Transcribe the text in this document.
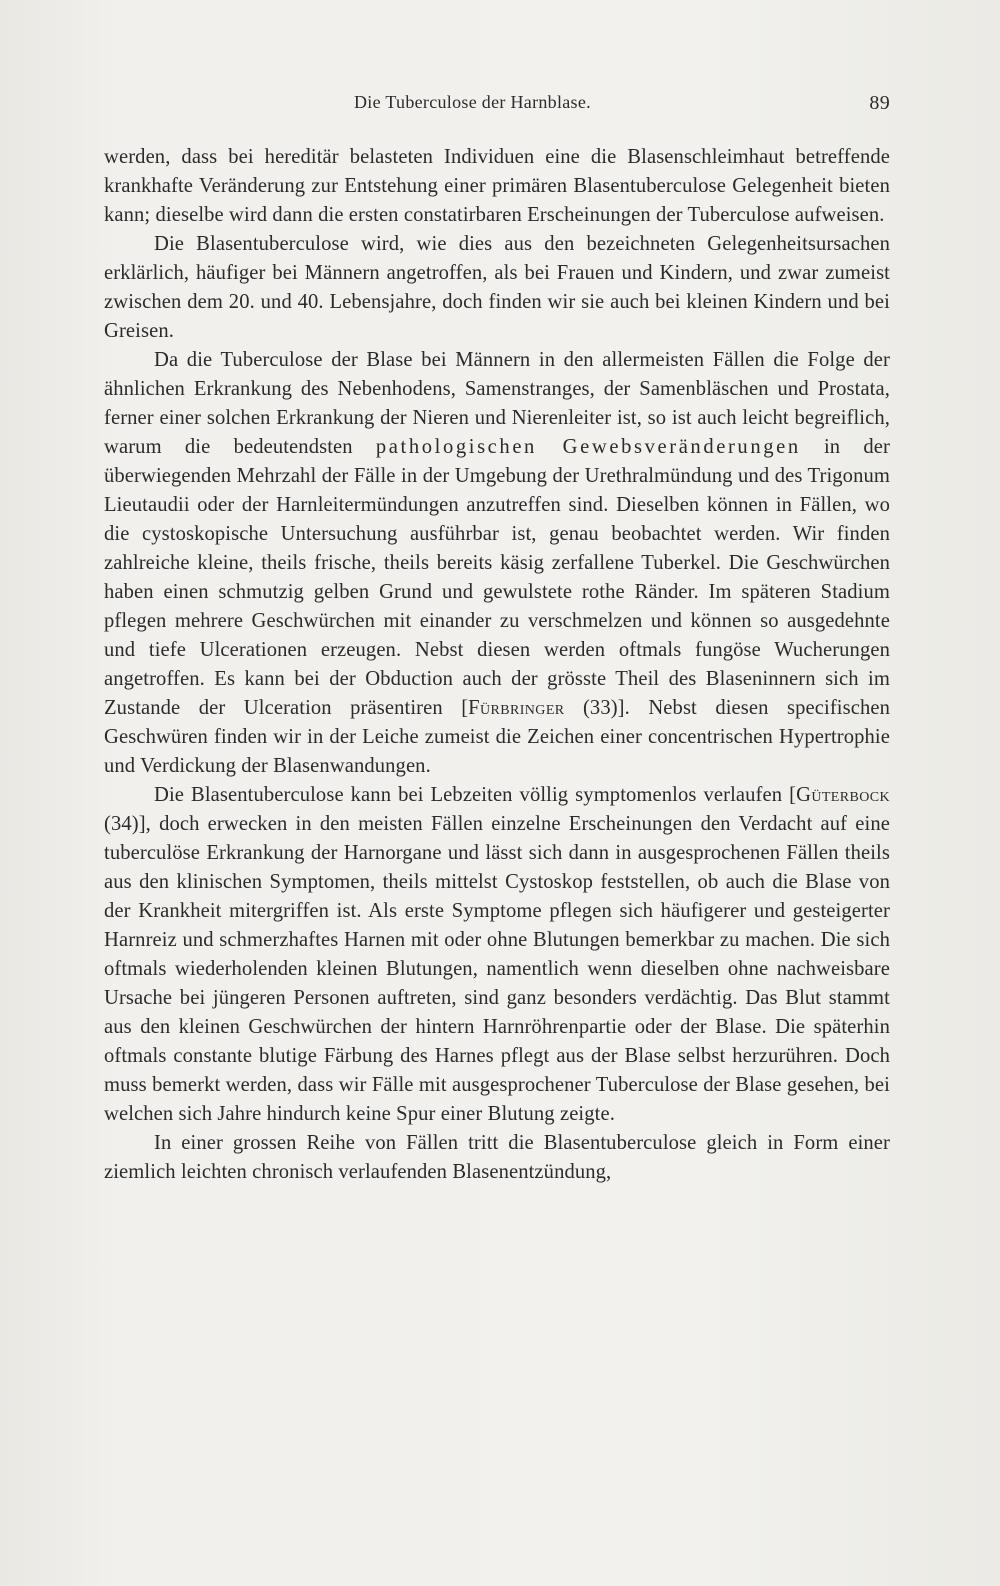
Die Tuberculose der Harnblase.	89

werden, dass bei hereditär belasteten Individuen eine die Blasenschleimhaut betreffende krankhafte Veränderung zur Entstehung einer primären Blasentuberculose Gelegenheit bieten kann; dieselbe wird dann die ersten constatirbaren Erscheinungen der Tuberculose aufweisen.

Die Blasentuberculose wird, wie dies aus den bezeichneten Gelegenheitsursachen erklärlich, häufiger bei Männern angetroffen, als bei Frauen und Kindern, und zwar zumeist zwischen dem 20. und 40. Lebensjahre, doch finden wir sie auch bei kleinen Kindern und bei Greisen.

Da die Tuberculose der Blase bei Männern in den allermeisten Fällen die Folge der ähnlichen Erkrankung des Nebenhodens, Samenstranges, der Samenbläschen und Prostata, ferner einer solchen Erkrankung der Nieren und Nierenleiter ist, so ist auch leicht begreiflich, warum die bedeutendsten pathologischen Gewebsveränderungen in der überwiegenden Mehrzahl der Fälle in der Umgebung der Urethralmündung und des Trigonum Lieutaudii oder der Harnleitermündungen anzutreffen sind. Dieselben können in Fällen, wo die cystoskopische Untersuchung ausführbar ist, genau beobachtet werden. Wir finden zahlreiche kleine, theils frische, theils bereits käsig zerfallene Tuberkel. Die Geschwürchen haben einen schmutzig gelben Grund und gewulstete rothe Ränder. Im späteren Stadium pflegen mehrere Geschwürchen mit einander zu verschmelzen und können so ausgedehnte und tiefe Ulcerationen erzeugen. Nebst diesen werden oftmals fungöse Wucherungen angetroffen. Es kann bei der Obduction auch der grösste Theil des Blaseninnern sich im Zustande der Ulceration präsentiren [Fürbringer (33)]. Nebst diesen specifischen Geschwüren finden wir in der Leiche zumeist die Zeichen einer concentrischen Hypertrophie und Verdickung der Blasenwandungen.

Die Blasentuberculose kann bei Lebzeiten völlig symptomenlos verlaufen [Güterbock (34)], doch erwecken in den meisten Fällen einzelne Erscheinungen den Verdacht auf eine tuberculöse Erkrankung der Harnorgane und lässt sich dann in ausgesprochenen Fällen theils aus den klinischen Symptomen, theils mittelst Cystoskop feststellen, ob auch die Blase von der Krankheit mitergriffen ist. Als erste Symptome pflegen sich häufigerer und gesteigerter Harnreiz und schmerzhaftes Harnen mit oder ohne Blutungen bemerkbar zu machen. Die sich oftmals wiederholenden kleinen Blutungen, namentlich wenn dieselben ohne nachweisbare Ursache bei jüngeren Personen auftreten, sind ganz besonders verdächtig. Das Blut stammt aus den kleinen Geschwürchen der hintern Harnröhrenpartie oder der Blase. Die späterhin oftmals constante blutige Färbung des Harnes pflegt aus der Blase selbst herzurühren. Doch muss bemerkt werden, dass wir Fälle mit ausgesprochener Tuberculose der Blase gesehen, bei welchen sich Jahre hindurch keine Spur einer Blutung zeigte.

In einer grossen Reihe von Fällen tritt die Blasentuberculose gleich in Form einer ziemlich leichten chronisch verlaufenden Blasenentzündung,
